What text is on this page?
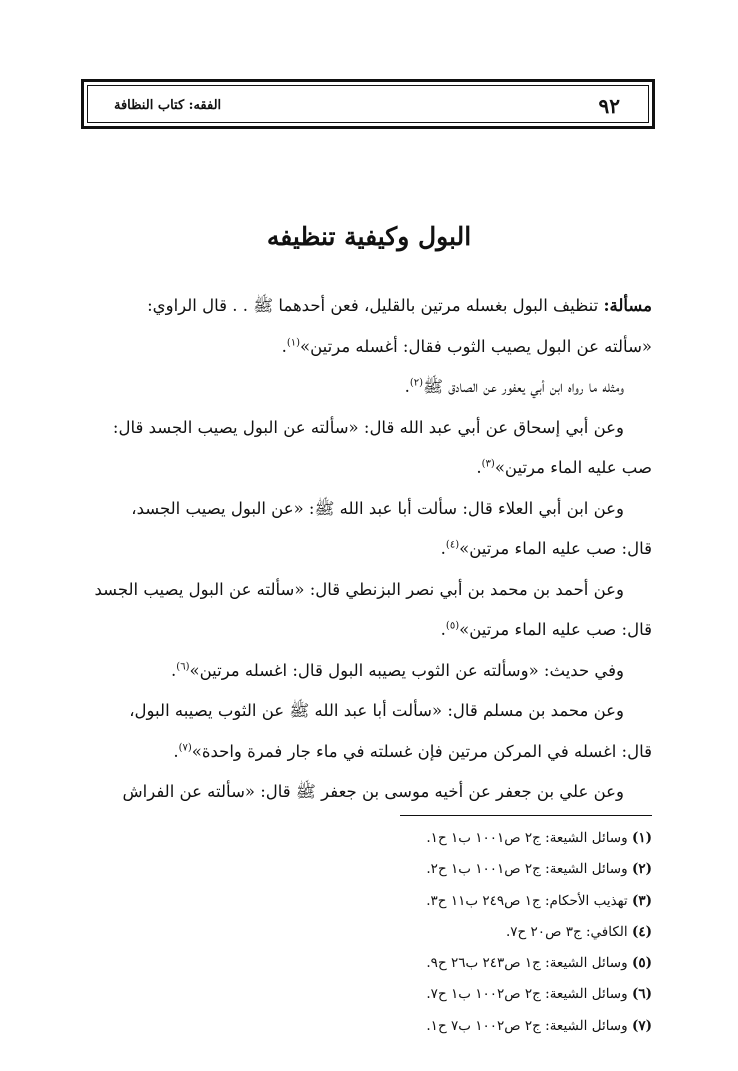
الفقه: كتاب النظافة	٩٢
البول وكيفية تنظيفه
مسألة: تنظيف البول بغسله مرتين بالقليل، فعن أحدهما ﷺ . . قال الراوي:
«سألته عن البول يصيب الثوب فقال: أغسله مرتين»$^{(١)}$.
ومثله ما رواه ابن أبي يعفور عن الصادق ﷺ$^{(٢)}$.
وعن أبي إسحاق عن أبي عبد الله قال: «سألته عن البول يصيب الجسد قال:
صب عليه الماء مرتين»$^{(٣)}$.
وعن ابن أبي العلاء قال: سألت أبا عبد الله ﷺ: «عن البول يصيب الجسد،
قال: صب عليه الماء مرتين»$^{(٤)}$.
وعن أحمد بن محمد بن أبي نصر البزنطي قال: «سألته عن البول يصيب الجسد
قال: صب عليه الماء مرتين»$^{(٥)}$.
وفي حديث: «وسألته عن الثوب يصيبه البول قال: اغسله مرتين»$^{(٦)}$.
وعن محمد بن مسلم قال: «سألت أبا عبد الله ﷺ عن الثوب يصيبه البول،
قال: اغسله في المركن مرتين فإن غسلته في ماء جار فمرة واحدة»$^{(٧)}$.
وعن علي بن جعفر عن أخيه موسى بن جعفر ﷺ قال: «سألته عن الفراش
(١) وسائل الشيعة: ج٢ ص١٠٠١ ب١ ح١.
(٢) وسائل الشيعة: ج٢ ص١٠٠١ ب١ ح٢.
(٣) تهذيب الأحكام: ج١ ص٢٤٩ ب١١ ح٣.
(٤) الكافي: ج٣ ص٢٠ ح٧.
(٥) وسائل الشيعة: ج١ ص٢٤٣ ب٢٦ ح٩.
(٦) وسائل الشيعة: ج٢ ص١٠٠٢ ب١ ح٧.
(٧) وسائل الشيعة: ج٢ ص١٠٠٢ ب٧ ح١.
